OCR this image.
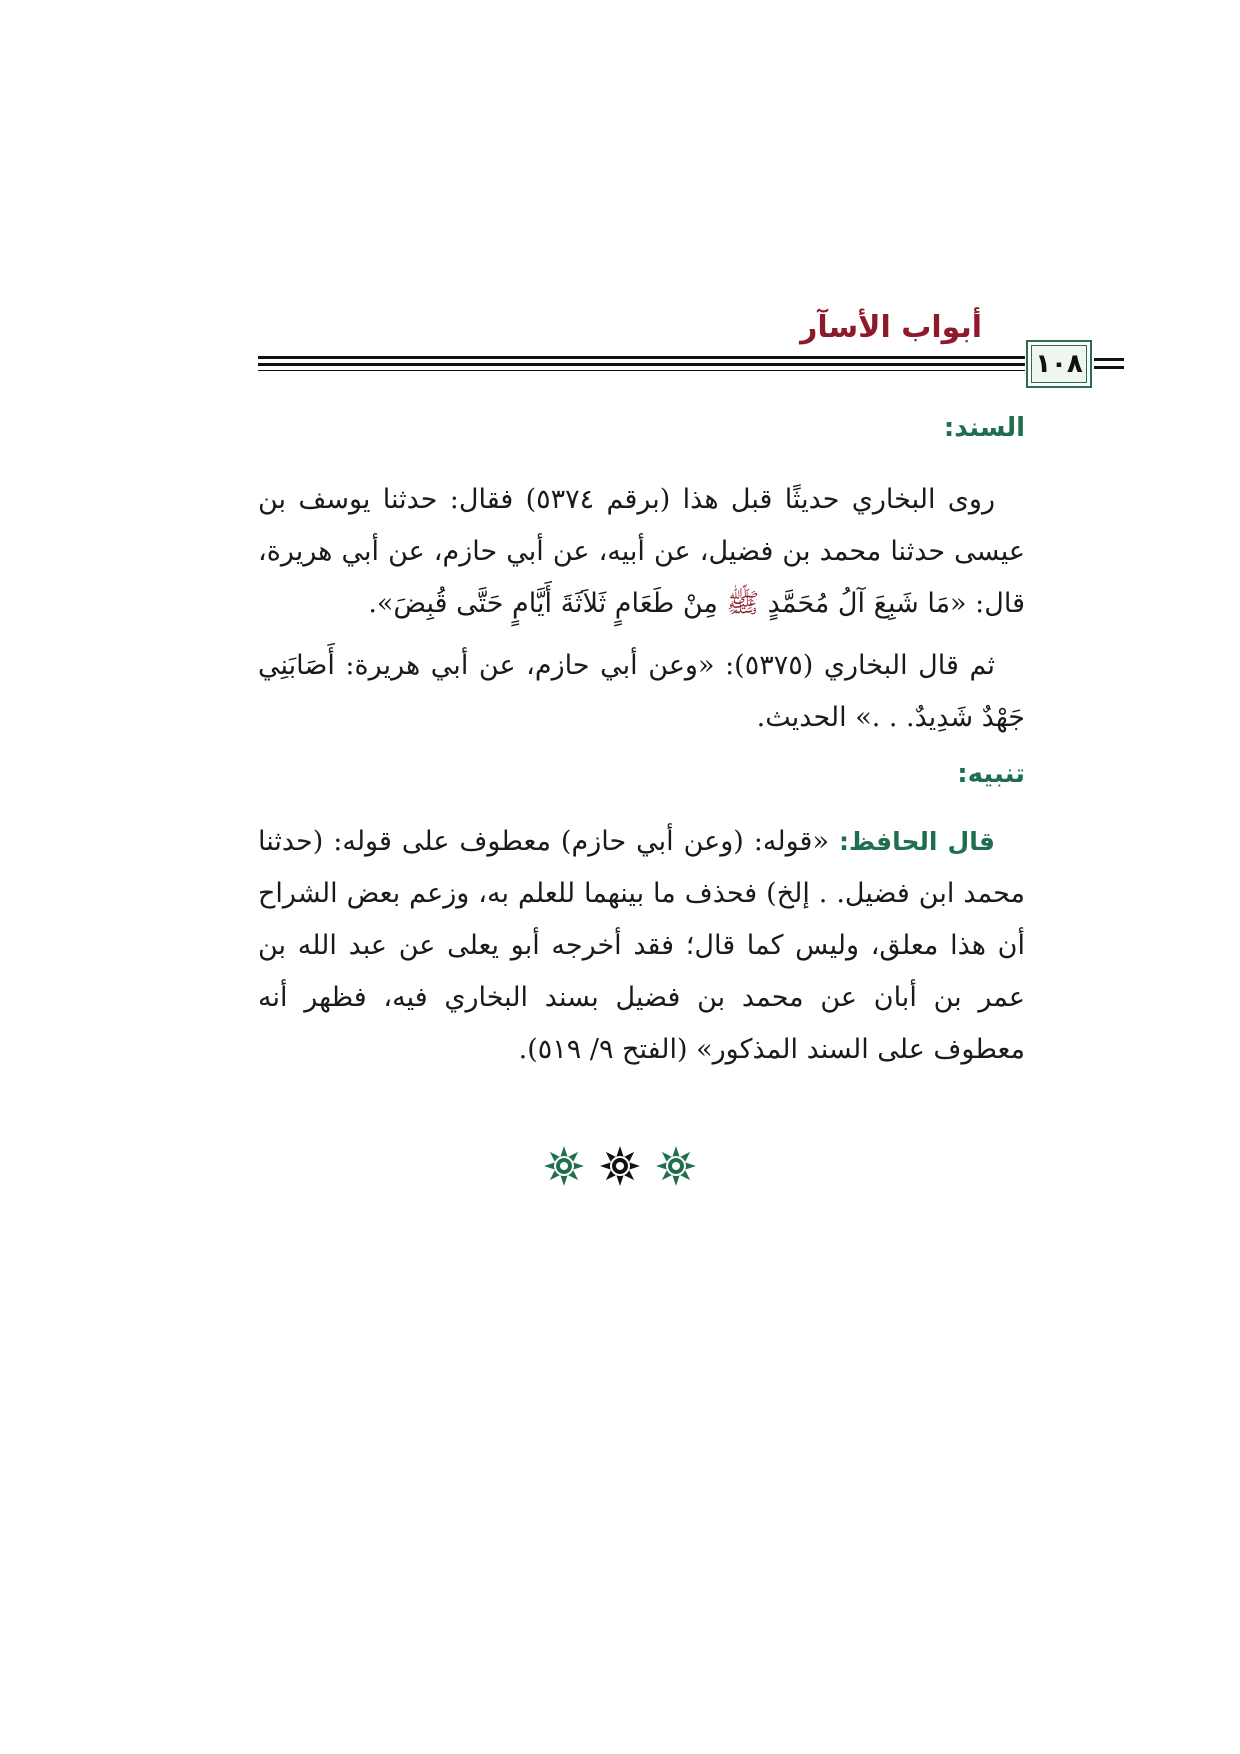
أبواب الأسآر
١٠٨
السند:

روى البخاري حديثًا قبل هذا (برقم ٥٣٧٤) فقال: حدثنا يوسف بن عيسى حدثنا محمد بن فضيل، عن أبيه، عن أبي حازم، عن أبي هريرة، قال: «مَا شَبِعَ آلُ مُحَمَّدٍ ﷺ مِنْ طَعَامٍ ثَلاَثَةَ أَيَّامٍ حَتَّى قُبِضَ».

ثم قال البخاري (٥٣٧٥): «وعن أبي حازم، عن أبي هريرة: أَصَابَنِي جَهْدٌ شَدِيدٌ. . .» الحديث.

تنبيه:

قال الحافظ: «قوله: (وعن أبي حازم) معطوف على قوله: (حدثنا محمد ابن فضيل. . إلخ) فحذف ما بينهما للعلم به، وزعم بعض الشراح أن هذا معلق، وليس كما قال؛ فقد أخرجه أبو يعلى عن عبد الله بن عمر بن أبان عن محمد بن فضيل بسند البخاري فيه، فظهر أنه معطوف على السند المذكور» (الفتح ٩/ ٥١٩).
